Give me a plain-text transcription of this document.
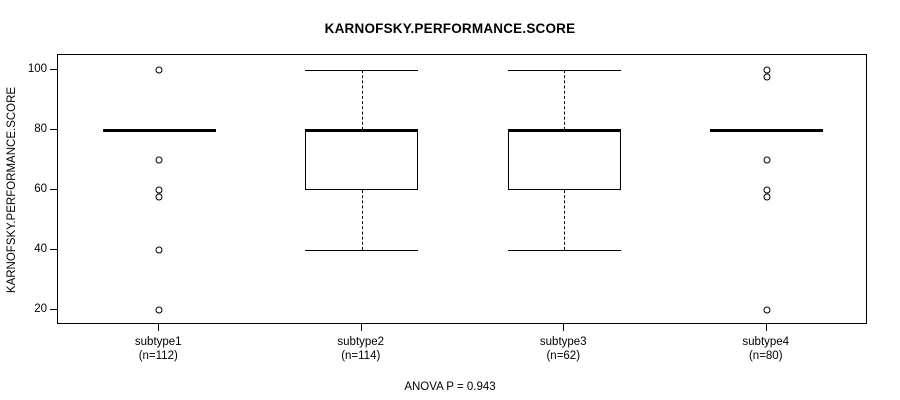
KARNOFSKY.PERFORMANCE.SCORE
KARNOFSKY.PERFORMANCE.SCORE
20
40
60
80
100
subtype1
(n=112)
subtype2
(n=114)
subtype3
(n=62)
subtype4
(n=80)
ANOVA P = 0.943
